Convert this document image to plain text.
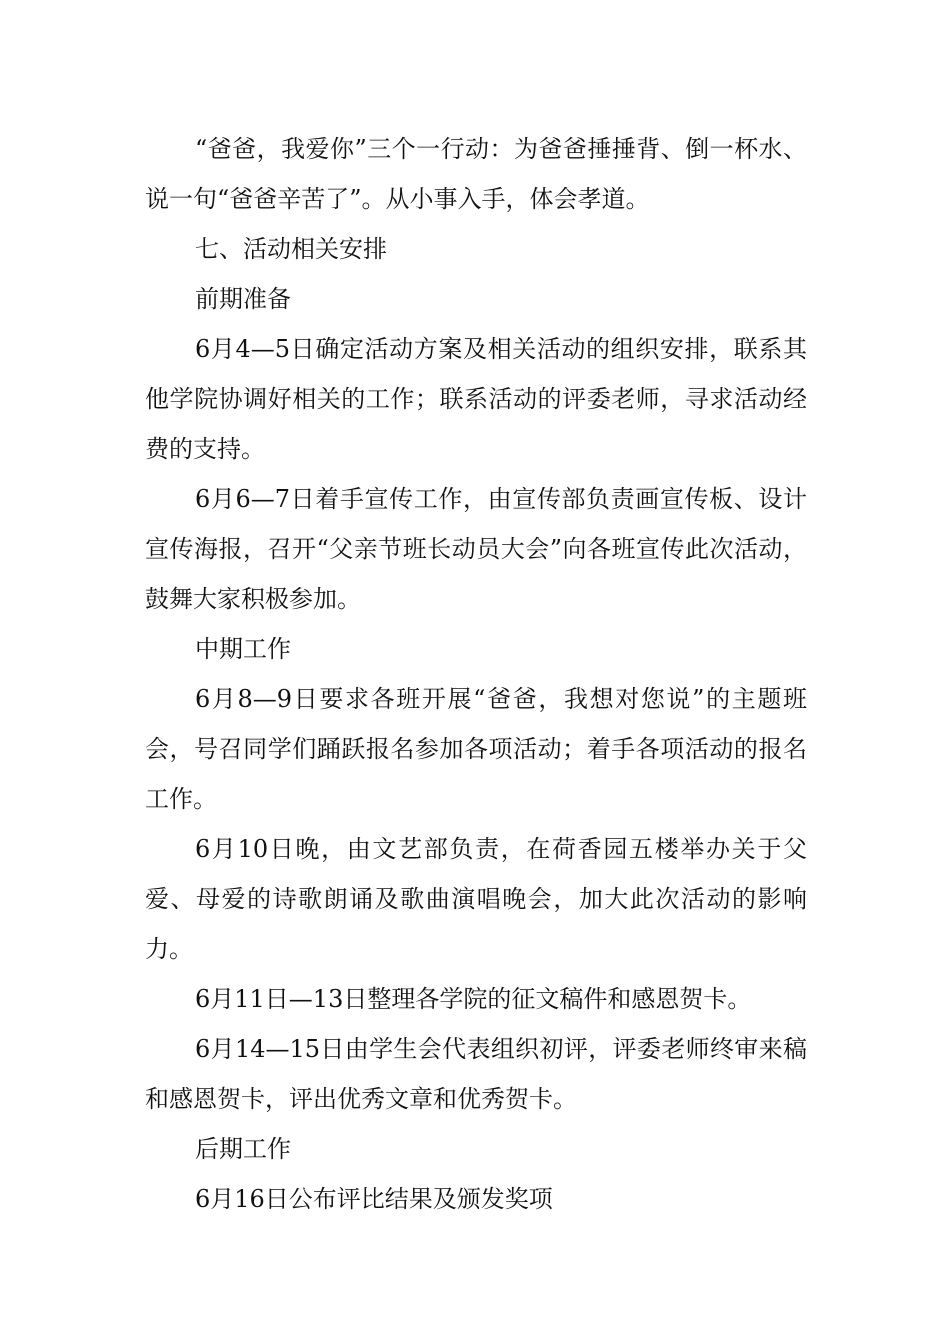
“爸爸，我爱你”三个一行动：为爸爸捶捶背、倒一杯水、说一句“爸爸辛苦了”。从小事入手，体会孝道。

七、活动相关安排

前期准备

6月4—5日确定活动方案及相关活动的组织安排，联系其他学院协调好相关的工作；联系活动的评委老师，寻求活动经费的支持。

6月6—7日着手宣传工作，由宣传部负责画宣传板、设计宣传海报，召开“父亲节班长动员大会”向各班宣传此次活动，鼓舞大家积极参加。

中期工作

6月8—9日要求各班开展“爸爸，我想对您说”的主题班会，号召同学们踊跃报名参加各项活动；着手各项活动的报名工作。

6月10日晚，由文艺部负责，在荷香园五楼举办关于父爱、母爱的诗歌朗诵及歌曲演唱晚会，加大此次活动的影响力。

6月11日—13日整理各学院的征文稿件和感恩贺卡。

6月14—15日由学生会代表组织初评，评委老师终审来稿和感恩贺卡，评出优秀文章和优秀贺卡。

后期工作

6月16日公布评比结果及颁发奖项
